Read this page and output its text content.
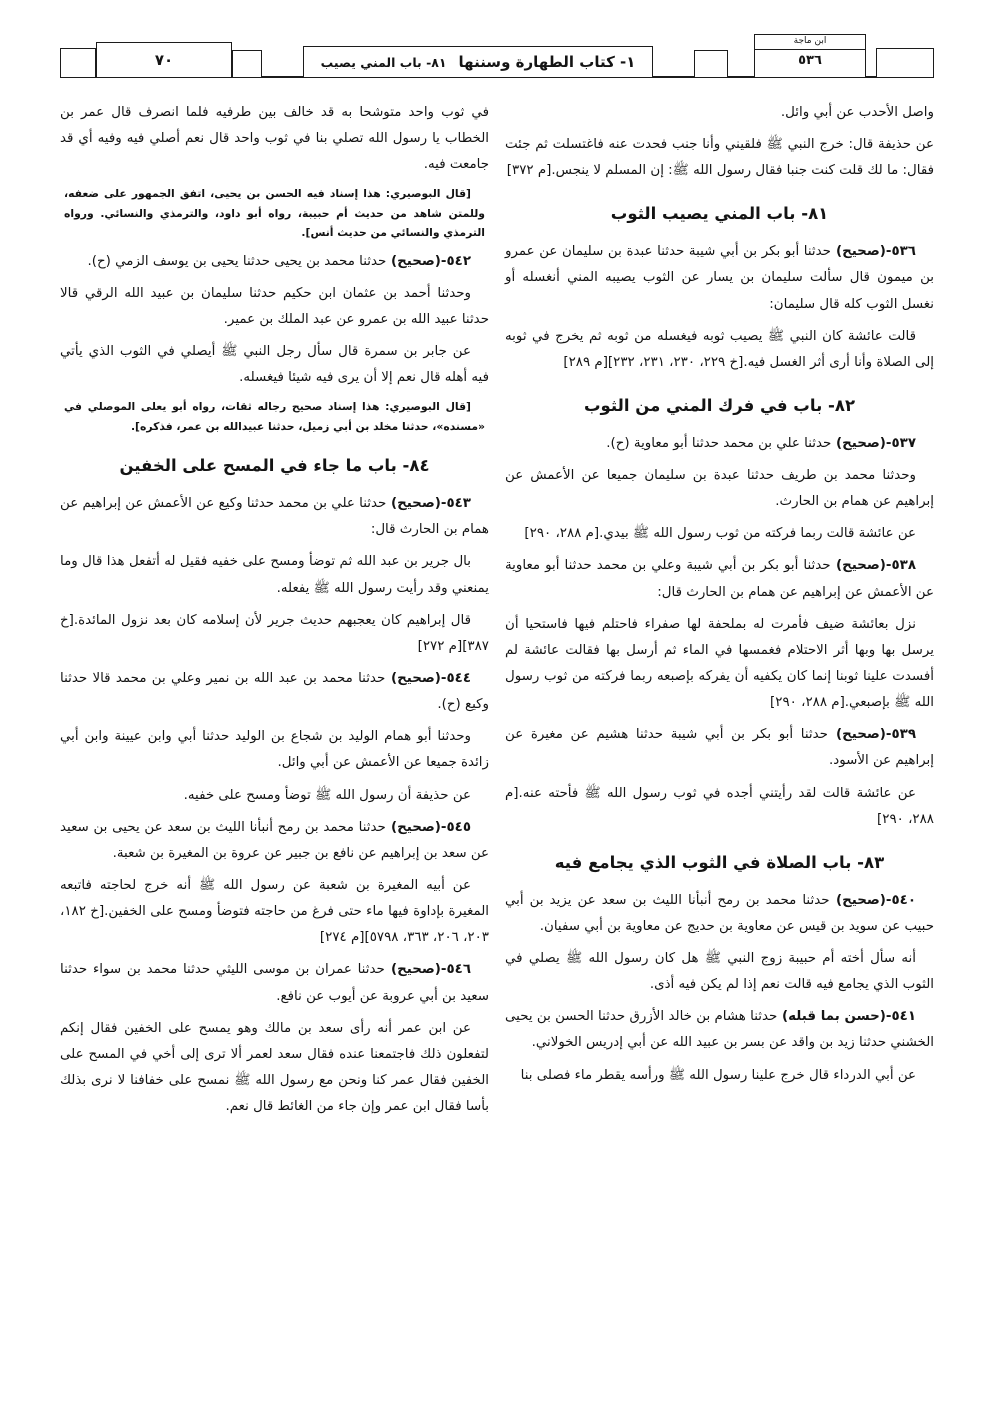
ابن ماجة
٥٣٦
١- كتاب الطهارة وسننها
٨١- باب المني يصيب
٧٠

واصل الأحدب عن أبي وائل.

عن حذيفة قال: خرج النبي ﷺ فلقيني وأنا جنب فحدت عنه فاغتسلت ثم جئت فقال: ما لك قلت كنت جنبا فقال رسول الله ﷺ: إن المسلم لا ينجس.[م ٣٧٢]

٨١- باب المني يصيب الثوب

٥٣٦-(صحيح) حدثنا أبو بكر بن أبي شيبة حدثنا عبدة بن سليمان عن عمرو بن ميمون قال سألت سليمان بن يسار عن الثوب يصيبه المني أنغسله أو نغسل الثوب كله قال سليمان:

قالت عائشة كان النبي ﷺ يصيب ثوبه فيغسله من ثوبه ثم يخرج في ثوبه إلى الصلاة وأنا أرى أثر الغسل فيه.[خ ٢٢٩، ٢٣٠، ٢٣١، ٢٣٢][م ٢٨٩]

٨٢- باب في فرك المني من الثوب

٥٣٧-(صحيح) حدثنا علي بن محمد حدثنا أبو معاوية (ح).

وحدثنا محمد بن طريف حدثنا عبدة بن سليمان جميعا عن الأعمش عن إبراهيم عن همام بن الحارث.

عن عائشة قالت ربما فركته من ثوب رسول الله ﷺ بيدي.[م ٢٨٨، ٢٩٠]

٥٣٨-(صحيح) حدثنا أبو بكر بن أبي شيبة وعلي بن محمد حدثنا أبو معاوية عن الأعمش عن إبراهيم عن همام بن الحارث قال:

نزل بعائشة ضيف فأمرت له بملحفة لها صفراء فاحتلم فيها فاستحيا أن يرسل بها وبها أثر الاحتلام فغمسها في الماء ثم أرسل بها فقالت عائشة لم أفسدت علينا ثوبنا إنما كان يكفيه أن يفركه بإصبعه ربما فركته من ثوب رسول الله ﷺ بإصبعي.[م ٢٨٨، ٢٩٠]

٥٣٩-(صحيح) حدثنا أبو بكر بن أبي شيبة حدثنا هشيم عن مغيرة عن إبراهيم عن الأسود.

عن عائشة قالت لقد رأيتني أجده في ثوب رسول الله ﷺ فأحته عنه.[م ٢٨٨، ٢٩٠]

٨٣- باب الصلاة في الثوب الذي يجامع فيه

٥٤٠-(صحيح) حدثنا محمد بن رمح أنبأنا الليث بن سعد عن يزيد بن أبي حبيب عن سويد بن قيس عن معاوية بن حديج عن معاوية بن أبي سفيان.

أنه سأل أخته أم حبيبة زوج النبي ﷺ هل كان رسول الله ﷺ يصلي في الثوب الذي يجامع فيه قالت نعم إذا لم يكن فيه أذى.

٥٤١-(حسن بما قبله) حدثنا هشام بن خالد الأزرق حدثنا الحسن بن يحيى الخشني حدثنا زيد بن واقد عن بسر بن عبيد الله عن أبي إدريس الخولاني.

عن أبي الدرداء قال خرج علينا رسول الله ﷺ ورأسه يقطر ماء فصلى بنا

في ثوب واحد متوشحا به قد خالف بين طرفيه فلما انصرف قال عمر بن الخطاب يا رسول الله تصلي بنا في ثوب واحد قال نعم أصلي فيه وفيه أي قد جامعت فيه.

[قال البوصيري: هذا إسناد فيه الحسن بن يحيى، اتفق الجمهور على ضعفه، وللمتن شاهد من حديث أم حبيبة، رواه أبو داود، والترمذي والنسائي. ورواه الترمذي والنسائي من حديث أنس].

٥٤٢-(صحيح) حدثنا محمد بن يحيى حدثنا يحيى بن يوسف الزمي (ح).

وحدثنا أحمد بن عثمان ابن حكيم حدثنا سليمان بن عبيد الله الرقي قالا حدثنا عبيد الله بن عمرو عن عبد الملك بن عمير.

عن جابر بن سمرة قال سأل رجل النبي ﷺ أيصلي في الثوب الذي يأتي فيه أهله قال نعم إلا أن يرى فيه شيئا فيغسله.

[قال البوصيري: هذا إسناد صحيح رجاله ثقات، رواه أبو يعلى الموصلي في «مسنده»، حدثنا مخلد بن أبي زميل، حدثنا عبيدالله بن عمر، فذكره].

٨٤- باب ما جاء في المسح على الخفين

٥٤٣-(صحيح) حدثنا علي بن محمد حدثنا وكيع عن الأعمش عن إبراهيم عن همام بن الحارث قال:

بال جرير بن عبد الله ثم توضأ ومسح على خفيه فقيل له أتفعل هذا قال وما يمنعني وقد رأيت رسول الله ﷺ يفعله.

قال إبراهيم كان يعجبهم حديث جرير لأن إسلامه كان بعد نزول المائدة.[خ ٣٨٧][م ٢٧٢]

٥٤٤-(صحيح) حدثنا محمد بن عبد الله بن نمير وعلي بن محمد قالا حدثنا وكيع (ح).

وحدثنا أبو همام الوليد بن شجاع بن الوليد حدثنا أبي وابن عيينة وابن أبي زائدة جميعا عن الأعمش عن أبي وائل.

عن حذيفة أن رسول الله ﷺ توضأ ومسح على خفيه.

٥٤٥-(صحيح) حدثنا محمد بن رمح أنبأنا الليث بن سعد عن يحيى بن سعيد عن سعد بن إبراهيم عن نافع بن جبير عن عروة بن المغيرة بن شعبة.

عن أبيه المغيرة بن شعبة عن رسول الله ﷺ أنه خرج لحاجته فاتبعه المغيرة بإداوة فيها ماء حتى فرغ من حاجته فتوضأ ومسح على الخفين.[خ ١٨٢، ٢٠٣، ٢٠٦، ٣٦٣، ٥٧٩٨][م ٢٧٤]

٥٤٦-(صحيح) حدثنا عمران بن موسى الليثي حدثنا محمد بن سواء حدثنا سعيد بن أبي عروبة عن أيوب عن نافع.

عن ابن عمر أنه رأى سعد بن مالك وهو يمسح على الخفين فقال إنكم لتفعلون ذلك فاجتمعنا عنده فقال سعد لعمر ألا ترى إلى أخي في المسح على الخفين فقال عمر كنا ونحن مع رسول الله ﷺ نمسح على خفافنا لا نرى بذلك بأسا فقال ابن عمر وإن جاء من الغائط قال نعم.
